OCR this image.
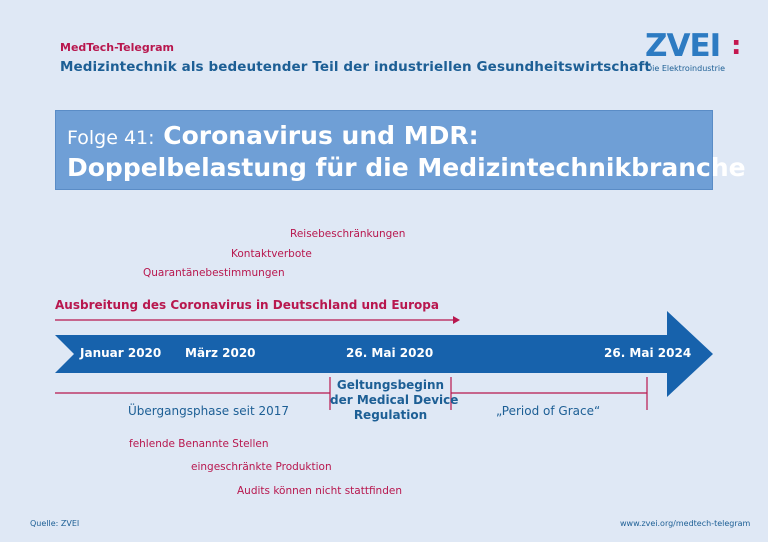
MedTech-Telegram
Medizintechnik als bedeutender Teil der industriellen Gesundheitswirtschaft
ZVEI :
Die Elektroindustrie
Folge 41: Coronavirus und MDR:
Doppelbelastung für die Medizintechnikbranche
Reisebeschränkungen
Kontaktverbote
Quarantänebestimmungen
Ausbreitung des Coronavirus in Deutschland und Europa
Januar 2020 März 2020	26. Mai 2020	26. Mai 2024
Übergangsphase seit 2017
Geltungsbeginn
der Medical Device
Regulation	„Period of Grace“
fehlende Benannte Stellen
eingeschränkte Produktion
Audits können nicht stattfinden
Quelle: ZVEI	www.zvei.org/medtech-telegram
